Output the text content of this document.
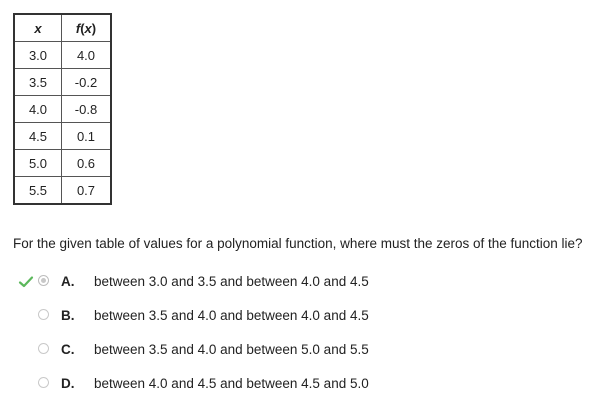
x	f(x)
3.0	4.0
3.5	-0.2
4.0	-0.8
4.5	0.1
5.0	0.6
5.5	0.7

For the given table of values for a polynomial function, where must the zeros of the function lie?

A. between 3.0 and 3.5 and between 4.0 and 4.5
B. between 3.5 and 4.0 and between 4.0 and 4.5
C. between 3.5 and 4.0 and between 5.0 and 5.5
D. between 4.0 and 4.5 and between 4.5 and 5.0
